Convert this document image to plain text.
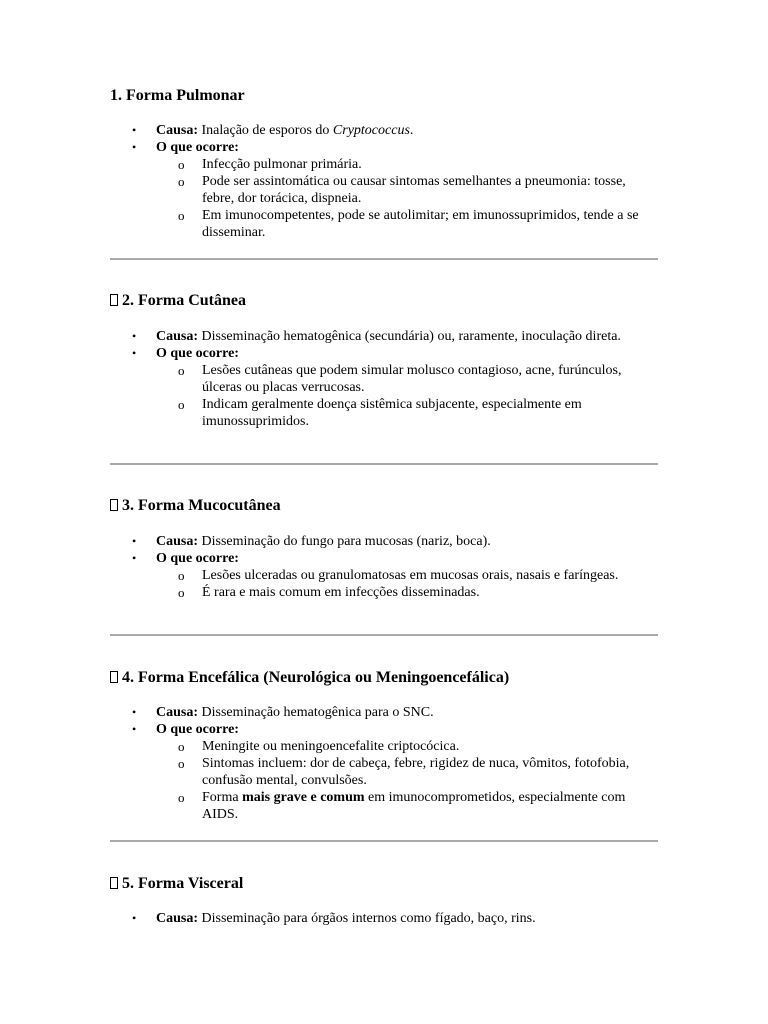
1. Forma Pulmonar
• Causa: Inalação de esporos do Cryptococcus.
• O que ocorre:
o Infecção pulmonar primária.
o Pode ser assintomática ou causar sintomas semelhantes a pneumonia: tosse, febre, dor torácica, dispneia.
o Em imunocompetentes, pode se autolimitar; em imunossuprimidos, tende a se disseminar.
2. Forma Cutânea
• Causa: Disseminação hematogênica (secundária) ou, raramente, inoculação direta.
• O que ocorre:
o Lesões cutâneas que podem simular molusco contagioso, acne, furúnculos, úlceras ou placas verrucosas.
o Indicam geralmente doença sistêmica subjacente, especialmente em imunossuprimidos.
3. Forma Mucocutânea
• Causa: Disseminação do fungo para mucosas (nariz, boca).
• O que ocorre:
o Lesões ulceradas ou granulomatosas em mucosas orais, nasais e faríngeas.
o É rara e mais comum em infecções disseminadas.
4. Forma Encefálica (Neurológica ou Meningoencefálica)
• Causa: Disseminação hematogênica para o SNC.
• O que ocorre:
o Meningite ou meningoencefalite criptocócica.
o Sintomas incluem: dor de cabeça, febre, rigidez de nuca, vômitos, fotofobia, confusão mental, convulsões.
o Forma mais grave e comum em imunocomprometidos, especialmente com AIDS.
5. Forma Visceral
• Causa: Disseminação para órgãos internos como fígado, baço, rins.
